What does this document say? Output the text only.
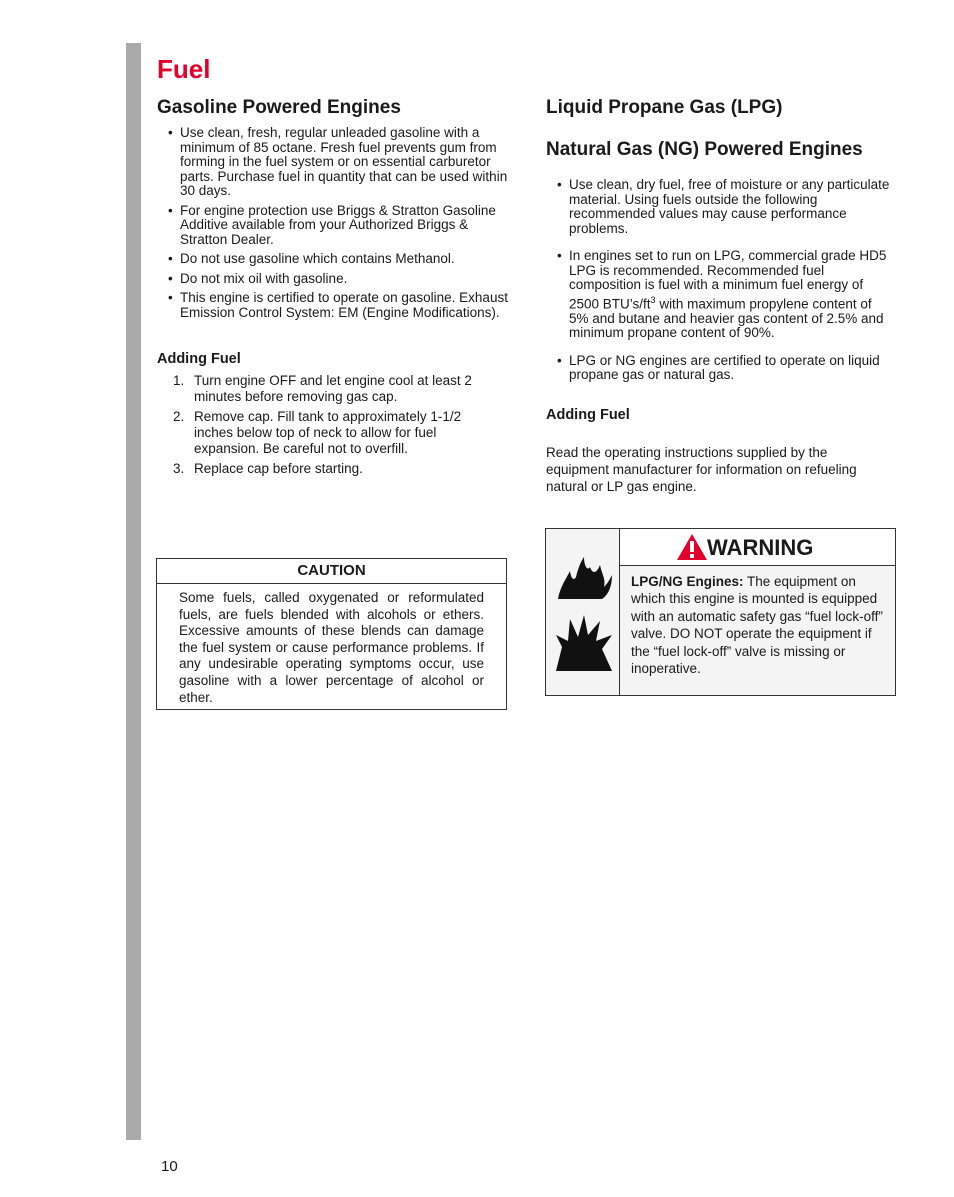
Fuel
Gasoline Powered Engines
• Use clean, fresh, regular unleaded gasoline with a minimum of 85 octane. Fresh fuel prevents gum from forming in the fuel system or on essential carburetor parts. Purchase fuel in quantity that can be used within 30 days.
• For engine protection use Briggs & Stratton Gasoline Additive available from your Authorized Briggs & Stratton Dealer.
• Do not use gasoline which contains Methanol.
• Do not mix oil with gasoline.
• This engine is certified to operate on gasoline. Exhaust Emission Control System: EM (Engine Modifications).
Adding Fuel
1. Turn engine OFF and let engine cool at least 2 minutes before removing gas cap.
2. Remove cap. Fill tank to approximately 1-1/2 inches below top of neck to allow for fuel expansion. Be careful not to overfill.
3. Replace cap before starting.
CAUTION
Some fuels, called oxygenated or reformulated fuels, are fuels blended with alcohols or ethers. Excessive amounts of these blends can damage the fuel system or cause performance problems. If any undesirable operating symptoms occur, use gasoline with a lower percentage of alcohol or ether.
Liquid Propane Gas (LPG)
Natural Gas (NG) Powered Engines
• Use clean, dry fuel, free of moisture or any particulate material. Using fuels outside the following recommended values may cause performance problems.
• In engines set to run on LPG, commercial grade HD5 LPG is recommended. Recommended fuel composition is fuel with a minimum fuel energy of 2500 $BTU’s/ft^3$ with maximum propylene content of 5% and butane and heavier gas content of 2.5% and minimum propane content of 90%.
• LPG or NG engines are certified to operate on liquid propane gas or natural gas.
Adding Fuel

Read the operating instructions supplied by the equipment manufacturer for information on refueling natural or LP gas engine.

WARNING
LPG/NG Engines: The equipment on which this engine is mounted is equipped with an automatic safety gas “fuel lock-off” valve. DO NOT operate the equipment if the “fuel lock-off” valve is missing or inoperative.
10
